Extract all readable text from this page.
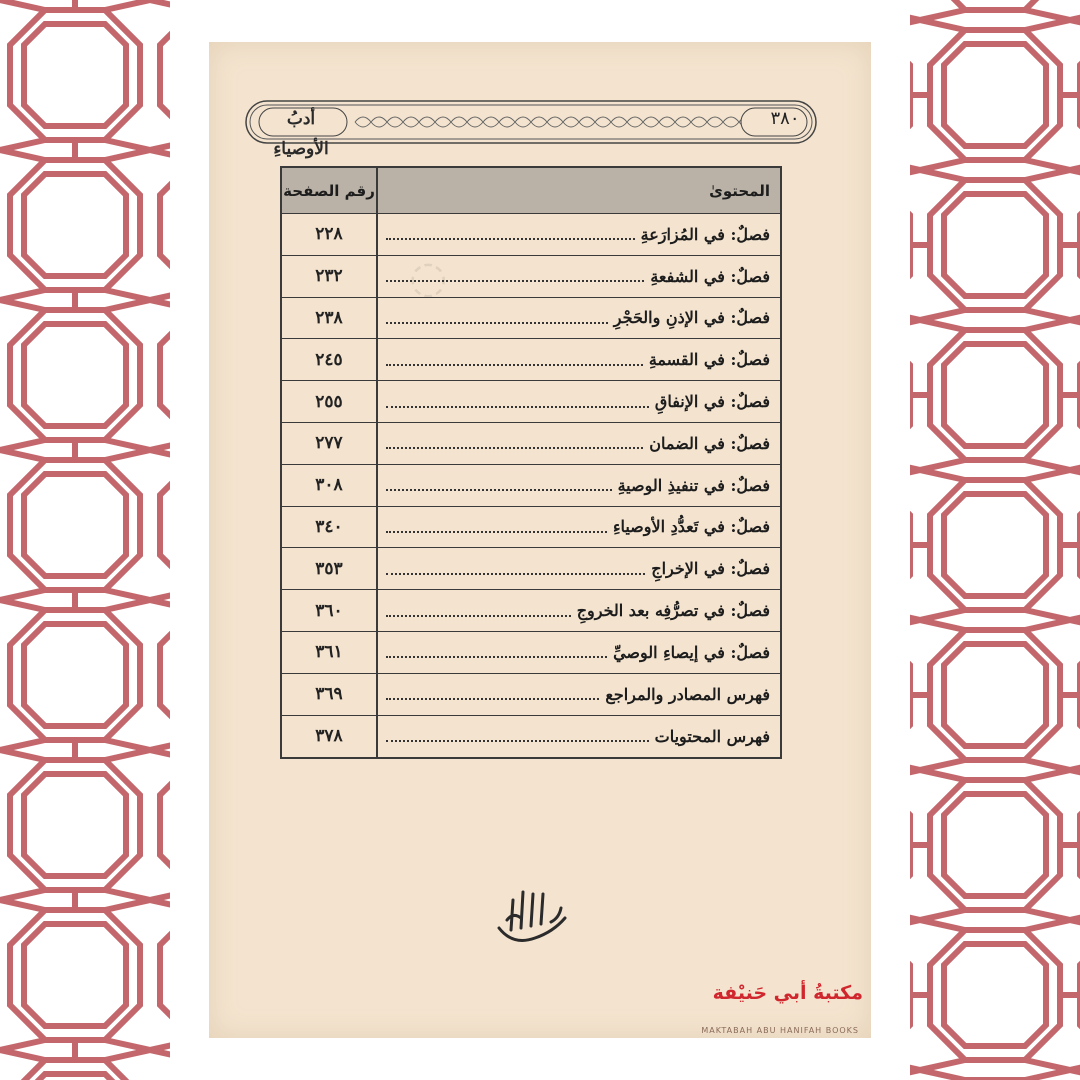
◌
٣٨٠
أدبُ الأوصياءِ
المحتوىٰ
رقم الصفحة
فصلٌ: في المُزارَعةِ
٢٢٨
فصلٌ: في الشفعةِ
٢٣٢
فصلٌ: في الإذنِ والحَجْرِ
٢٣٨
فصلٌ: في القسمةِ
٢٤٥
فصلٌ: في الإنفاقِ
٢٥٥
فصلٌ: في الضمان
٢٧٧
فصلٌ: في تنفيذِ الوصيةِ
٣٠٨
فصلٌ: في تَعدُّدِ الأوصياءِ
٣٤٠
فصلٌ: في الإخراجِ
٣٥٣
فصلٌ: في تصرُّفِه بعد الخروجِ
٣٦٠
فصلٌ: في إيصاءِ الوصيِّ
٣٦١
فهرس المصادر والمراجع
٣٦٩
فهرس المحتويات
٣٧٨
مكتبةُ أبي حَنيْفة
MAKTABAH ABU HANIFAH BOOKS
